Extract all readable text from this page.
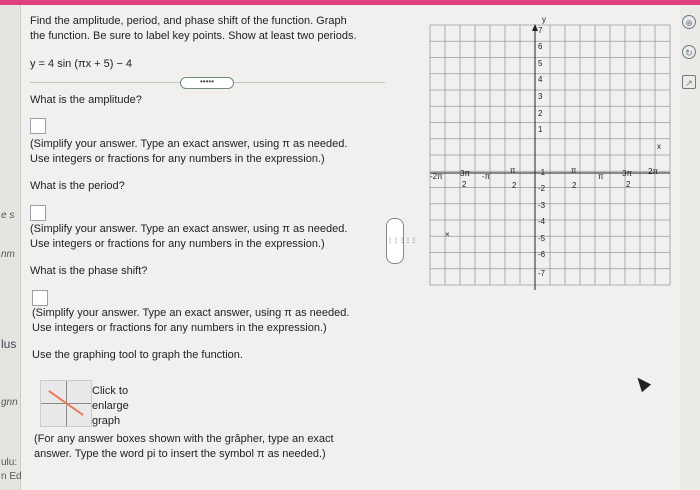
e s
nm
lus
gnn
ulu:
n Ed
⊕
↻
↗
Find the amplitude, period, and phase shift of the function. Graph
the function. Be sure to label key points. Show at least two periods.
y = 4 sin (πx + 5) − 4
•••••
What is the amplitude?
(Simplify your answer. Type an exact answer, using π as needed.
Use integers or fractions for any numbers in the expression.)
What is the period?
(Simplify your answer. Type an exact answer, using π as needed.
Use integers or fractions for any numbers in the expression.)
What is the phase shift?
(Simplify your answer. Type an exact answer, using π as needed.
Use integers or fractions for any numbers in the expression.)
Use the graphing tool to graph the function.
Click to
enlarge
graph
(For any answer boxes shown with the grăpher, type an exact
answer. Type the word pi to insert the symbol π as needed.)
⋮⋮⋮⋮⋮
y
x
7
6
5
4
3
2
1
-1
-2
-3
-4
-5
-6
-7
-2π 3π -π
π	π
π 3π 2π
2	2	2	2
×
